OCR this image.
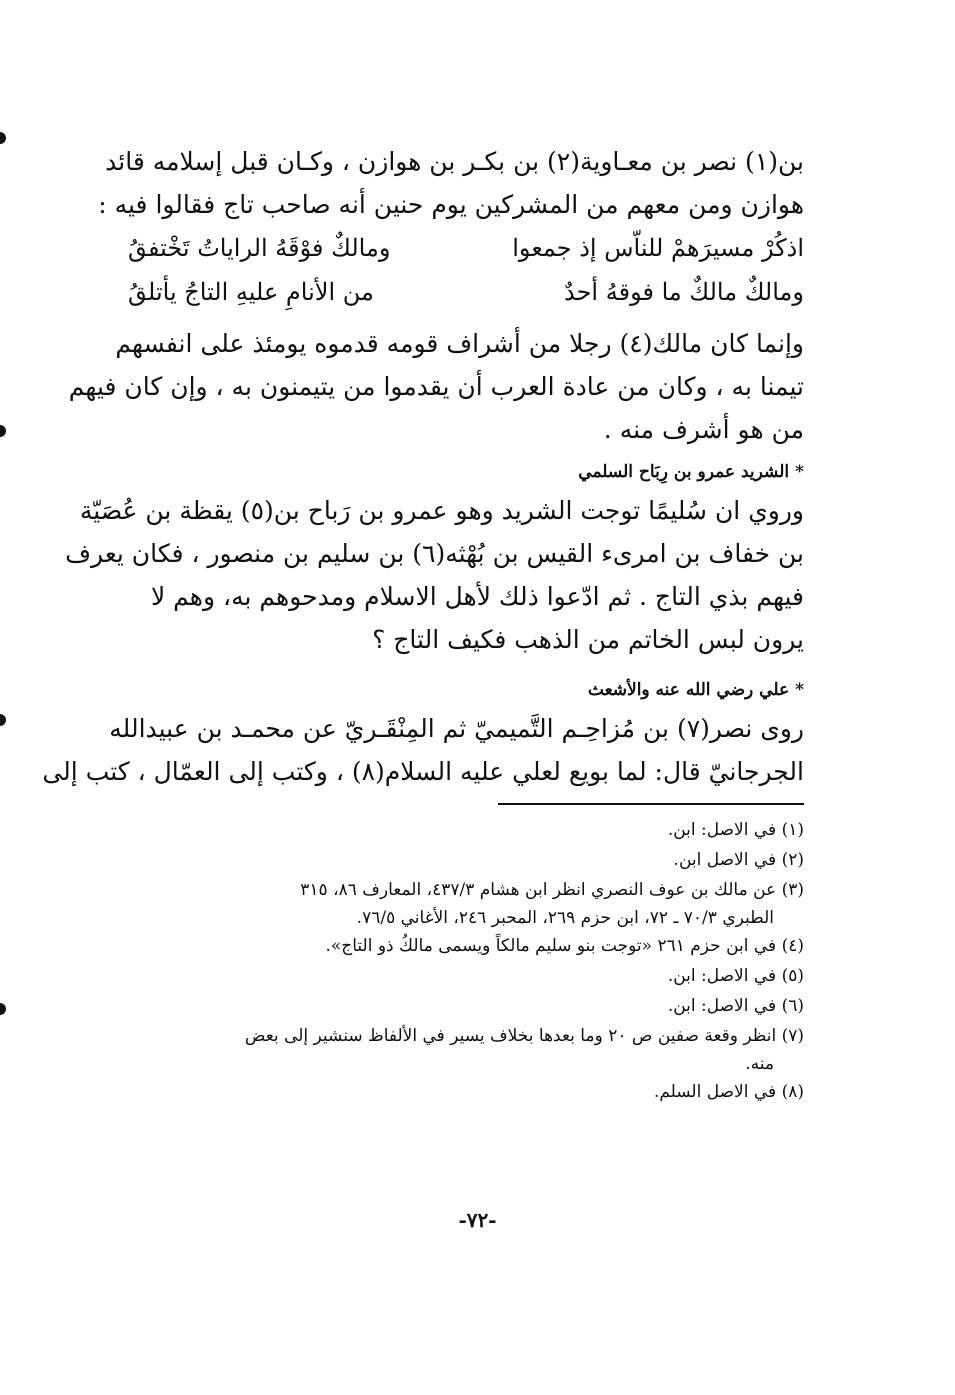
بن(١) نصر بن معـاوية(٢) بن بكـر بن هوازن ، وكـان قبل إسلامه قائد
هوازن ومن معهم من المشركين يوم حنين أنه صاحب تاج فقالوا فيه :
اذكُرْ مسيرَهمْ للناّس إذ جمعوا
ومالكٌ فوْقَهُ الراياتُ تَخْتفقُ
ومالكٌ مالكٌ ما فوقهُ أحدٌ
من الأنامِ عليهِ التاجُ يأتلقُ
وإنما كان مالك(٤) رجلا من أشراف قومه قدموه يومئذ على انفسهم
تيمنا به ، وكان من عادة العرب أن يقدموا من يتيمنون به ، وإن كان فيهم
من هو أشرف منه .
*الشريد عمرو بن رِبَاح السلمي
وروي ان سُليمًا توجت الشريد وهو عمرو بن رَباح بن(٥) يقظة بن عُصَيّة
بن خفاف بن امرىء القيس بن بُهْثه(٦) بن سليم بن منصور ، فكان يعرف
فيهم بذي التاج . ثم ادّعوا ذلك لأهل الاسلام ومدحوهم به، وهم لا
يرون لبس الخاتم من الذهب فكيف التاج ؟
*علي رضي الله عنه والأشعث
روى نصر(٧) بن مُزاحِـم التَّميميّ ثم المِنْقَـريّ عن محمـد بن عبيدالله
الجرجانيّ قال: لما بويع لعلي عليه السلام(٨) ، وكتب إلى العمّال ، كتب إلى
(١) في الاصل: ابن.
(٢) في الاصل ابن.
(٣) عن مالك بن عوف النصري انظر ابن هشام ٤٣٧/٣، المعارف ٨٦، ٣١٥
الطبري ٧٠/٣ ـ ٧٢، ابن حزم ٢٦٩، المحبر ٢٤٦، الأغاني ٧٦/٥.
(٤) في ابن حزم ٢٦١ «توجت بنو سليم مالكاً ويسمى مالكُ ذو التاج».
(٥) في الاصل: ابن.
(٦) في الاصل: ابن.
(٧) انظر وقعة صفين ص ٢٠ وما بعدها بخلاف يسير في الألفاظ سنشير إلى بعض
منه.
(٨) في الاصل السلم.
-٧٢-
